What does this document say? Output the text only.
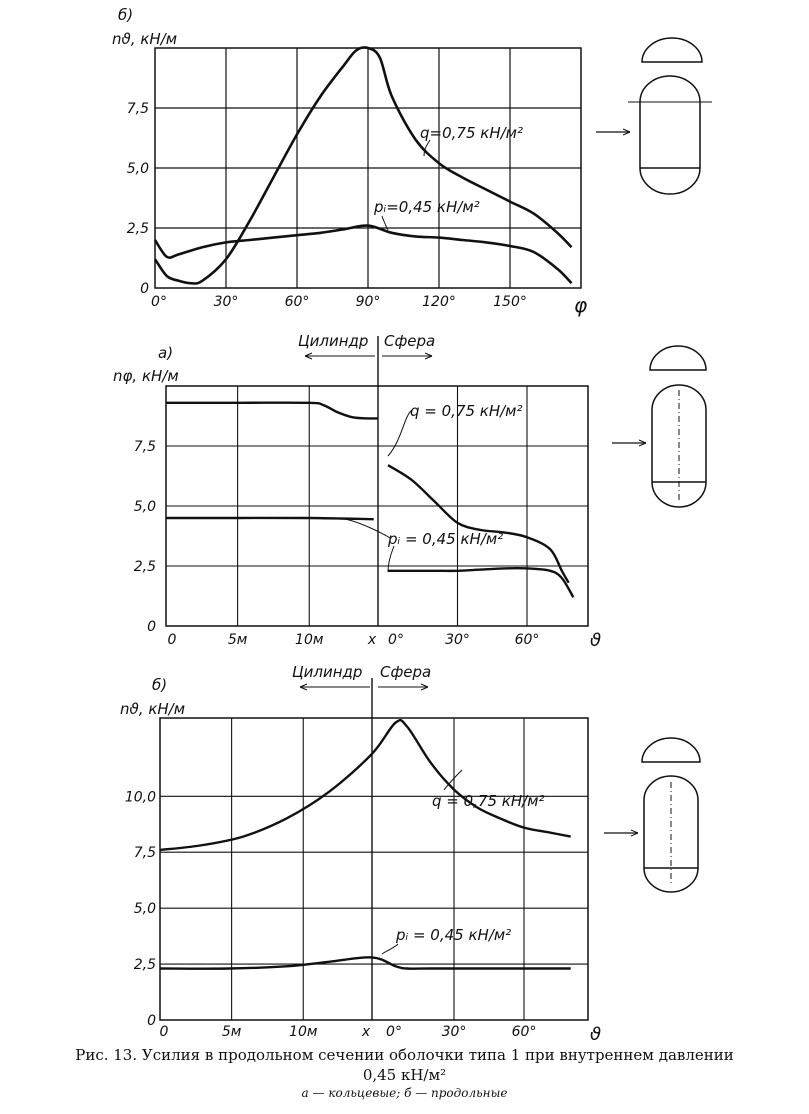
б)
nϑ, кН/м
0°	30°	60°	90°	120°	150°
0
2,5
5,0
7,5
φ
q=0,75 кН/м²
pᵢ=0,45 кН/м²
а)
nφ, кН/м
Цилиндр Сфера
0
2,5
5,0
7,5
0	5м	10м	x 0°	30°	60°	ϑ
q = 0,75 кН/м²
pᵢ = 0,45 кН/м²
б)
nϑ, кН/м
Цилиндр Сфера
0
2,5
5,0
7,5
10,0
0	5м	10м	x 0°	30°	60°	ϑ
q = 0,75 кН/м²
pᵢ = 0,45 кН/м²
Рис. 13. Усилия в продольном сечении оболочки типа 1 при внутреннем давлении
0,45 кН/м²
а — кольцевые; б — продольные
